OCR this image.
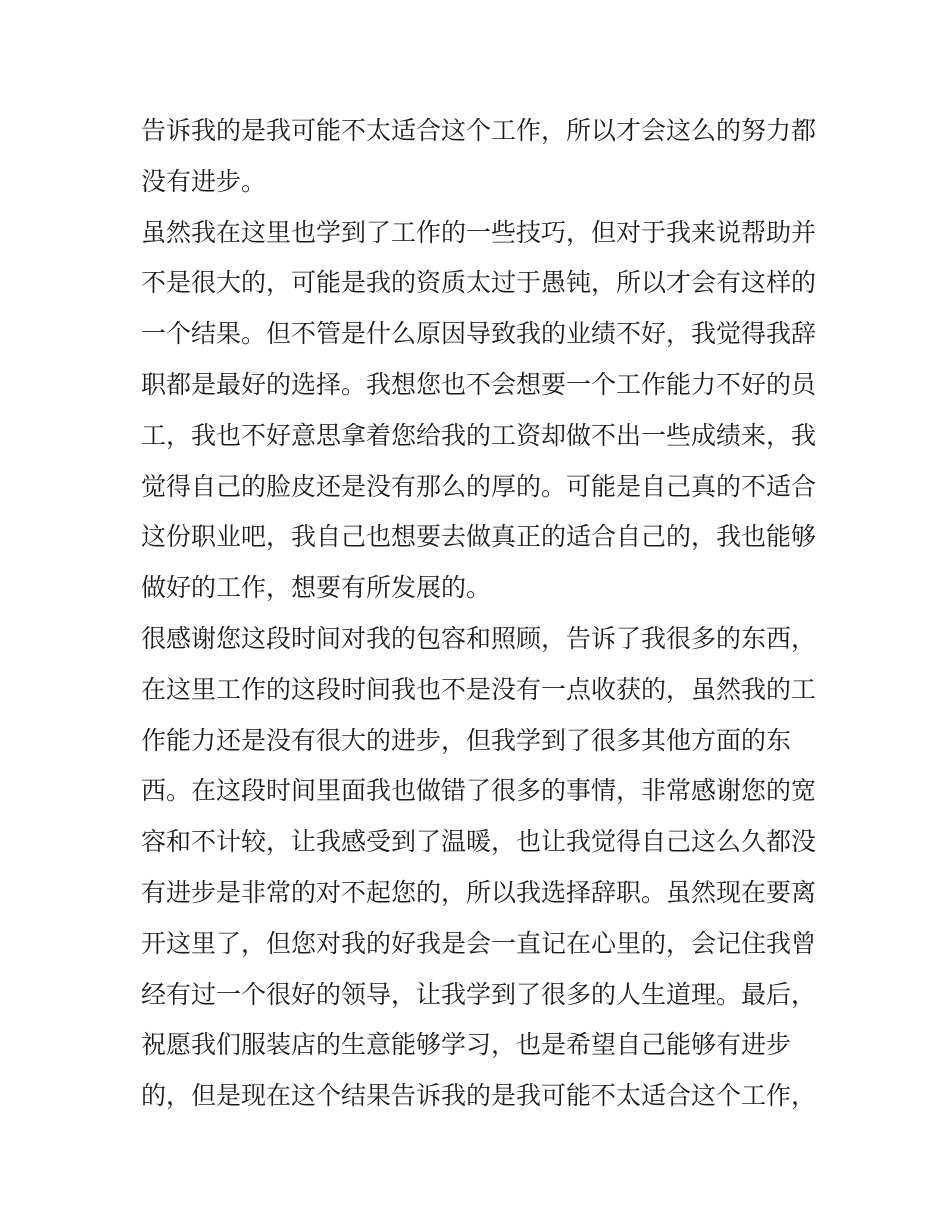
告诉我的是我可能不太适合这个工作，所以才会这么的努力都
没有进步。
虽然我在这里也学到了工作的一些技巧，但对于我来说帮助并
不是很大的，可能是我的资质太过于愚钝，所以才会有这样的
一个结果。但不管是什么原因导致我的业绩不好，我觉得我辞
职都是最好的选择。我想您也不会想要一个工作能力不好的员
工，我也不好意思拿着您给我的工资却做不出一些成绩来，我
觉得自己的脸皮还是没有那么的厚的。可能是自己真的不适合
这份职业吧，我自己也想要去做真正的适合自己的，我也能够
做好的工作，想要有所发展的。
很感谢您这段时间对我的包容和照顾，告诉了我很多的东西，
在这里工作的这段时间我也不是没有一点收获的，虽然我的工
作能力还是没有很大的进步，但我学到了很多其他方面的东
西。在这段时间里面我也做错了很多的事情，非常感谢您的宽
容和不计较，让我感受到了温暖，也让我觉得自己这么久都没
有进步是非常的对不起您的，所以我选择辞职。虽然现在要离
开这里了，但您对我的好我是会一直记在心里的，会记住我曾
经有过一个很好的领导，让我学到了很多的人生道理。最后，
祝愿我们服装店的生意能够学习，也是希望自己能够有进步
的，但是现在这个结果告诉我的是我可能不太适合这个工作，
